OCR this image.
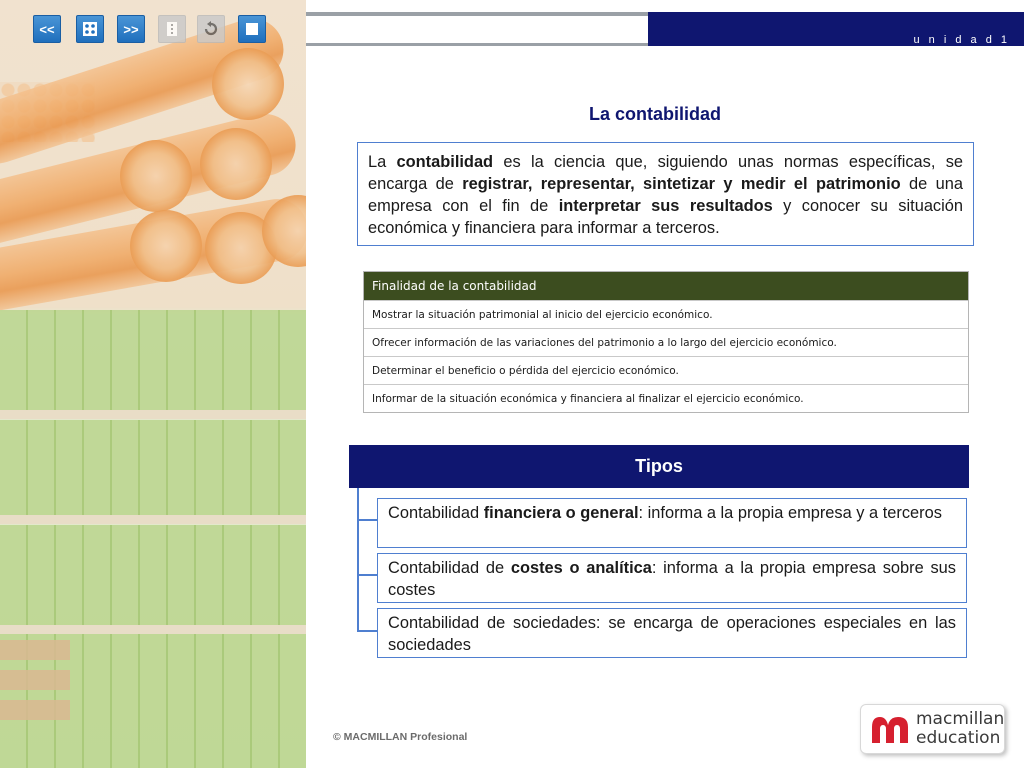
u n i d a d 1
<<	>>
La contabilidad
La contabilidad es la ciencia que, siguiendo unas normas específicas, se encarga de registrar, representar, sintetizar y medir el patrimonio de una empresa con el fin de interpretar sus resultados y conocer su situación económica y financiera para informar a terceros.
Finalidad de la contabilidad
Mostrar la situación patrimonial al inicio del ejercicio económico.
Ofrecer información de las variaciones del patrimonio a lo largo del ejercicio económico.
Determinar el beneficio o pérdida del ejercicio económico.
Informar de la situación económica y financiera al finalizar el ejercicio económico.
Tipos
Contabilidad financiera o general: informa a la propia empresa y a terceros
Contabilidad de costes o analítica: informa a la propia empresa sobre sus costes
Contabilidad de sociedades: se encarga de operaciones especiales en las sociedades
© MACMILLAN Profesional
macmillan
education
